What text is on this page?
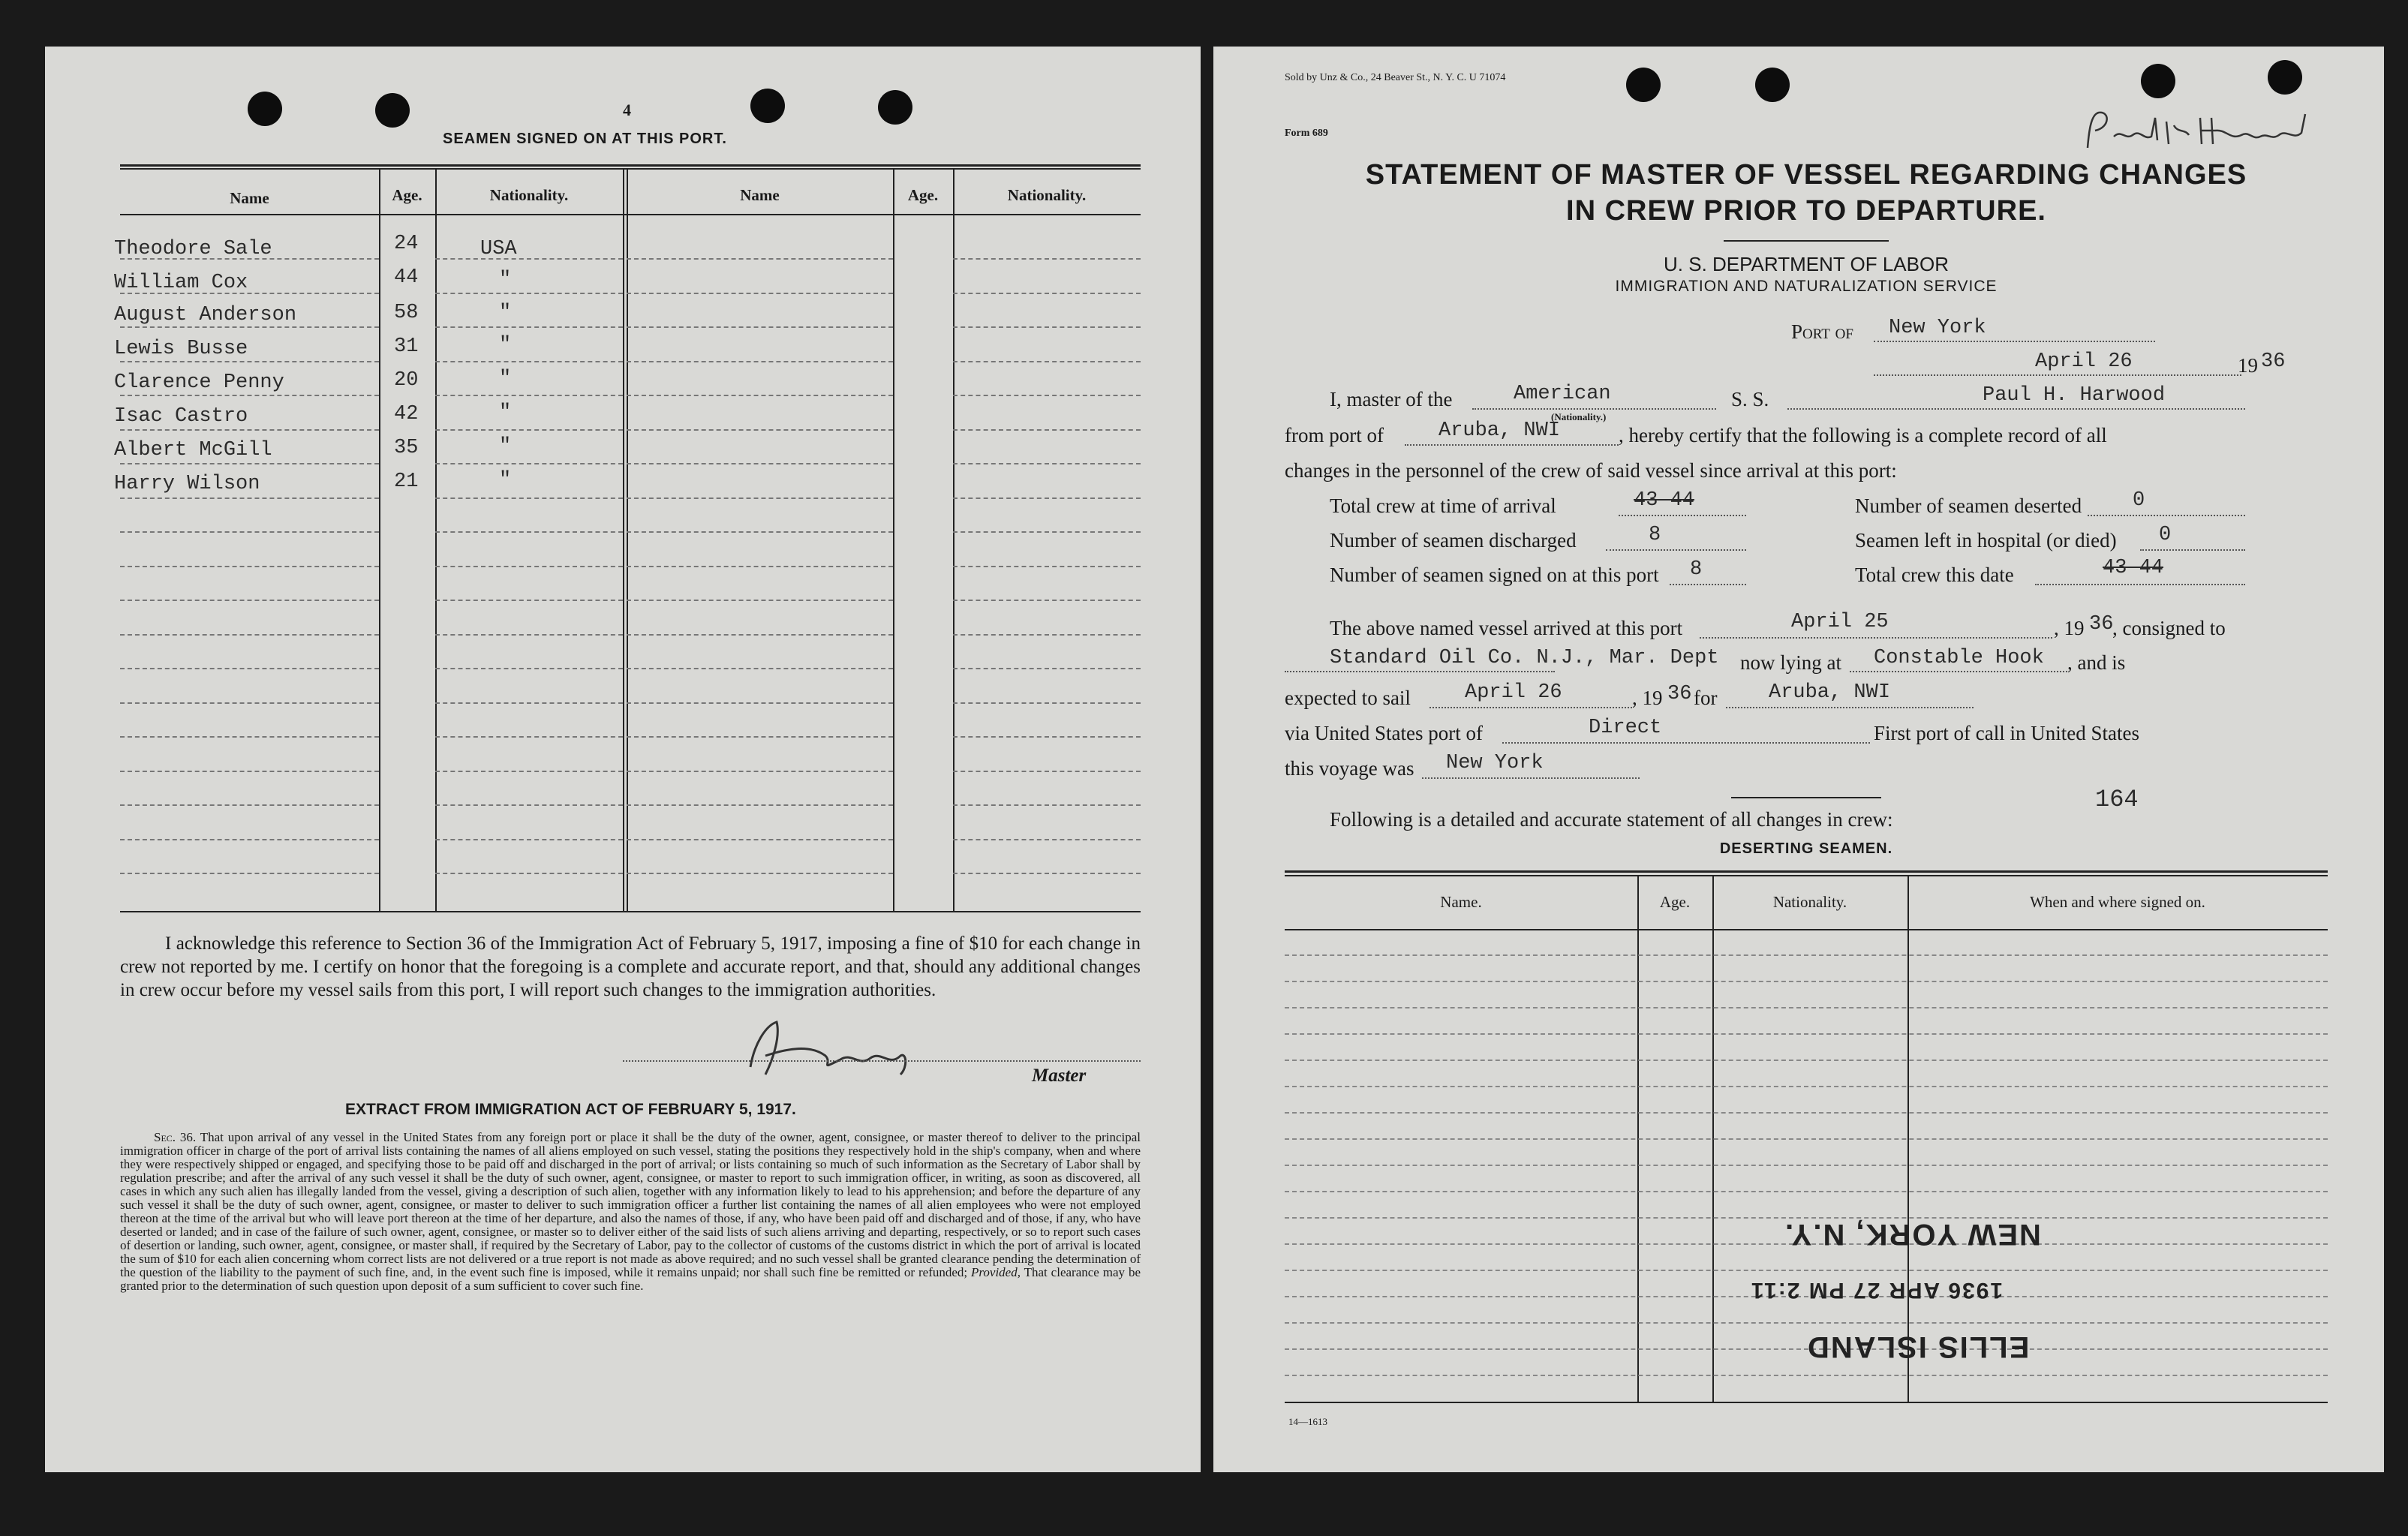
4
SEAMEN SIGNED ON AT THIS PORT.
Name	Age.	Nationality.	Name	Age.	Nationality.
Theodore Sale	24	USA
William Cox	44	"
August Anderson	58	"
Lewis Busse	31	"
Clarence Penny	20	"
Isac Castro	42	"
Albert McGill	35	"
Harry Wilson	21	"
I acknowledge this reference to Section 36 of the Immigration Act of February 5, 1917, imposing a fine of $10 for each change in crew not reported by me. I certify on honor that the foregoing is a complete and accurate report, and that, should any additional changes in crew occur before my vessel sails from this port, I will report such changes to the immigration authorities.
Master
EXTRACT FROM IMMIGRATION ACT OF FEBRUARY 5, 1917.
Sec. 36. That upon arrival of any vessel in the United States from any foreign port or place it shall be the duty of the owner, agent, consignee, or master thereof to deliver to the principal immigration officer in charge of the port of arrival lists containing the names of all aliens employed on such vessel, stating the positions they respectively hold in the ship's company, when and where they were respectively shipped or engaged, and specifying those to be paid off and discharged in the port of arrival; or lists containing so much of such information as the Secretary of Labor shall by regulation prescribe; and after the arrival of any such vessel it shall be the duty of such owner, agent, consignee, or master to report to such immigration officer, in writing, as soon as discovered, all cases in which any such alien has illegally landed from the vessel, giving a description of such alien, together with any information likely to lead to his apprehension; and before the departure of any such vessel it shall be the duty of such owner, agent, consignee, or master to deliver to such immigration officer a further list containing the names of all alien employees who were not employed thereon at the time of the arrival but who will leave port thereon at the time of her departure, and also the names of those, if any, who have been paid off and discharged and of those, if any, who have deserted or landed; and in case of the failure of such owner, agent, consignee, or master so to deliver either of the said lists of such aliens arriving and departing, respectively, or so to report such cases of desertion or landing, such owner, agent, consignee, or master shall, if required by the Secretary of Labor, pay to the collector of customs of the customs district in which the port of arrival is located the sum of $10 for each alien concerning whom correct lists are not delivered or a true report is not made as above required; and no such vessel shall be granted clearance pending the determination of the question of the liability to the payment of such fine, and, in the event such fine is imposed, while it remains unpaid; nor shall such fine be remitted or refunded; Provided, That clearance may be granted prior to the determination of such question upon deposit of a sum sufficient to cover such fine.
Sold by Unz & Co., 24 Beaver St., N. Y. C. U 71074
Form 689
STATEMENT OF MASTER OF VESSEL REGARDING CHANGES
IN CREW PRIOR TO DEPARTURE.
U. S. DEPARTMENT OF LABOR
IMMIGRATION AND NATURALIZATION SERVICE
Port of New York
April 26	19 36
I, master of the	American
(Nationality.)
S. S.	Paul H. Harwood
from port of	Aruba, NWI	, hereby certify that the following is a complete record of all
changes in the personnel of the crew of said vessel since arrival at this port:
Total crew at time of arrival	43 44	Number of seamen deserted	0
Number of seamen discharged	8	Seamen left in hospital (or died) 0
Number of seamen signed on at this port 8	Total crew this date	43 44
The above named vessel arrived at this port	April 25	, 19 36
, consigned to
Standard Oil Co. N.J., Mar. Dept now lying at Constable Hook , and is
expected to sail	April 26	, 19 36 for	Aruba, NWI
via United States port of	Direct	First port of call in United States
this voyage was New York
Following is a detailed and accurate statement of all changes in crew:
164
DESERTING SEAMEN.
Name.	Age.	Nationality.	When and where signed on.
NEW YORK, N.Y.
1936 APR 27 PM 2:11
ELLIS ISLAND
14—1613
